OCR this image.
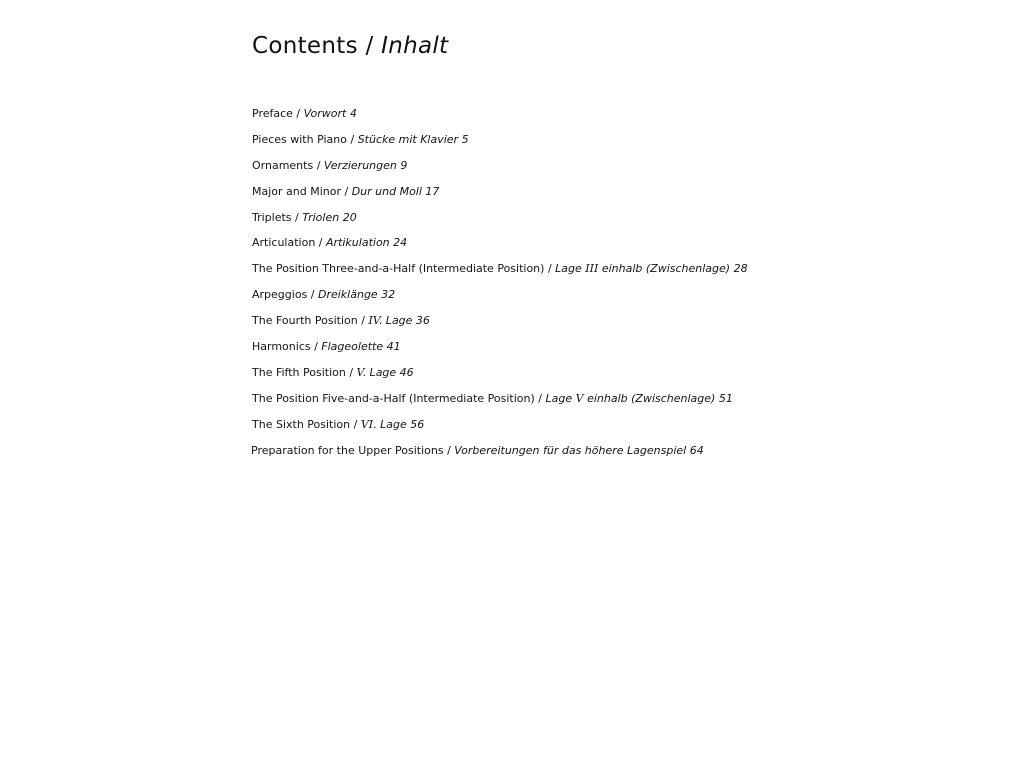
Contents / Inhalt
Preface / Vorwort 4
Pieces with Piano / Stücke mit Klavier 5
Ornaments / Verzierungen 9
Major and Minor / Dur und Moll 17
Triplets / Triolen 20
Articulation / Artikulation 24
The Position Three-and-a-Half (Intermediate Position) / Lage III einhalb (Zwischenlage) 28
Arpeggios / Dreiklänge 32
The Fourth Position / IV. Lage 36
Harmonics / Flageolette 41
The Fifth Position / V. Lage 46
The Position Five-and-a-Half (Intermediate Position) / Lage V einhalb (Zwischenlage) 51
The Sixth Position / VI. Lage 56
Preparation for the Upper Positions / Vorbereitungen für das höhere Lagenspiel 64
